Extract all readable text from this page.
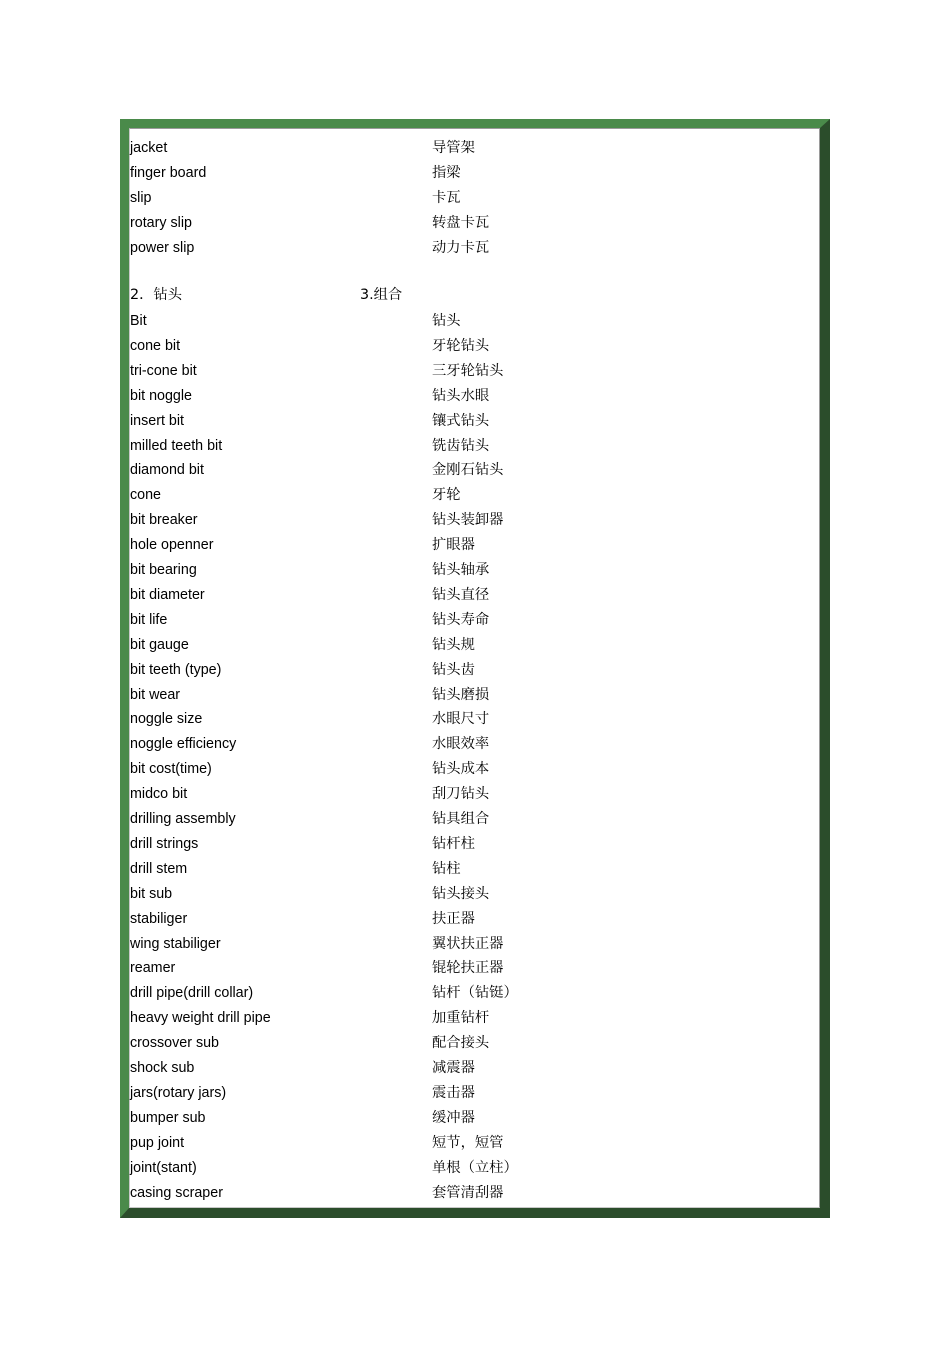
jacket	导管架
finger board	指梁
slip	卡瓦
rotary slip	转盘卡瓦
power slip	动力卡瓦
Bit	钻头
cone bit	牙轮钻头
tri-cone bit	三牙轮钻头
bit noggle	钻头水眼
insert bit	镶式钻头
milled teeth bit	铣齿钻头
diamond bit	金刚石钻头
cone	牙轮
bit breaker	钻头装卸器
hole openner	扩眼器
bit bearing	钻头轴承
bit diameter	钻头直径
bit life	钻头寿命
bit gauge	钻头规
bit teeth (type)	钻头齿
bit wear	钻头磨损
noggle size	水眼尺寸
noggle efficiency	水眼效率
bit cost(time)	钻头成本
midco bit	刮刀钻头
drilling assembly	钻具组合
drill strings	钻杆柱
drill stem	钻柱
bit sub	钻头接头
stabiliger	扶正器
wing stabiliger	翼状扶正器
reamer	锟轮扶正器
drill pipe(drill collar)	钻杆（钻铤）
heavy weight drill pipe	加重钻杆
crossover sub	配合接头
shock sub	减震器
jars(rotary jars)	震击器
bumper sub	缓冲器
pup joint	短节，短管
joint(stant)	单根（立柱）
casing scraper	套管清刮器
2．钻头	3.组合
